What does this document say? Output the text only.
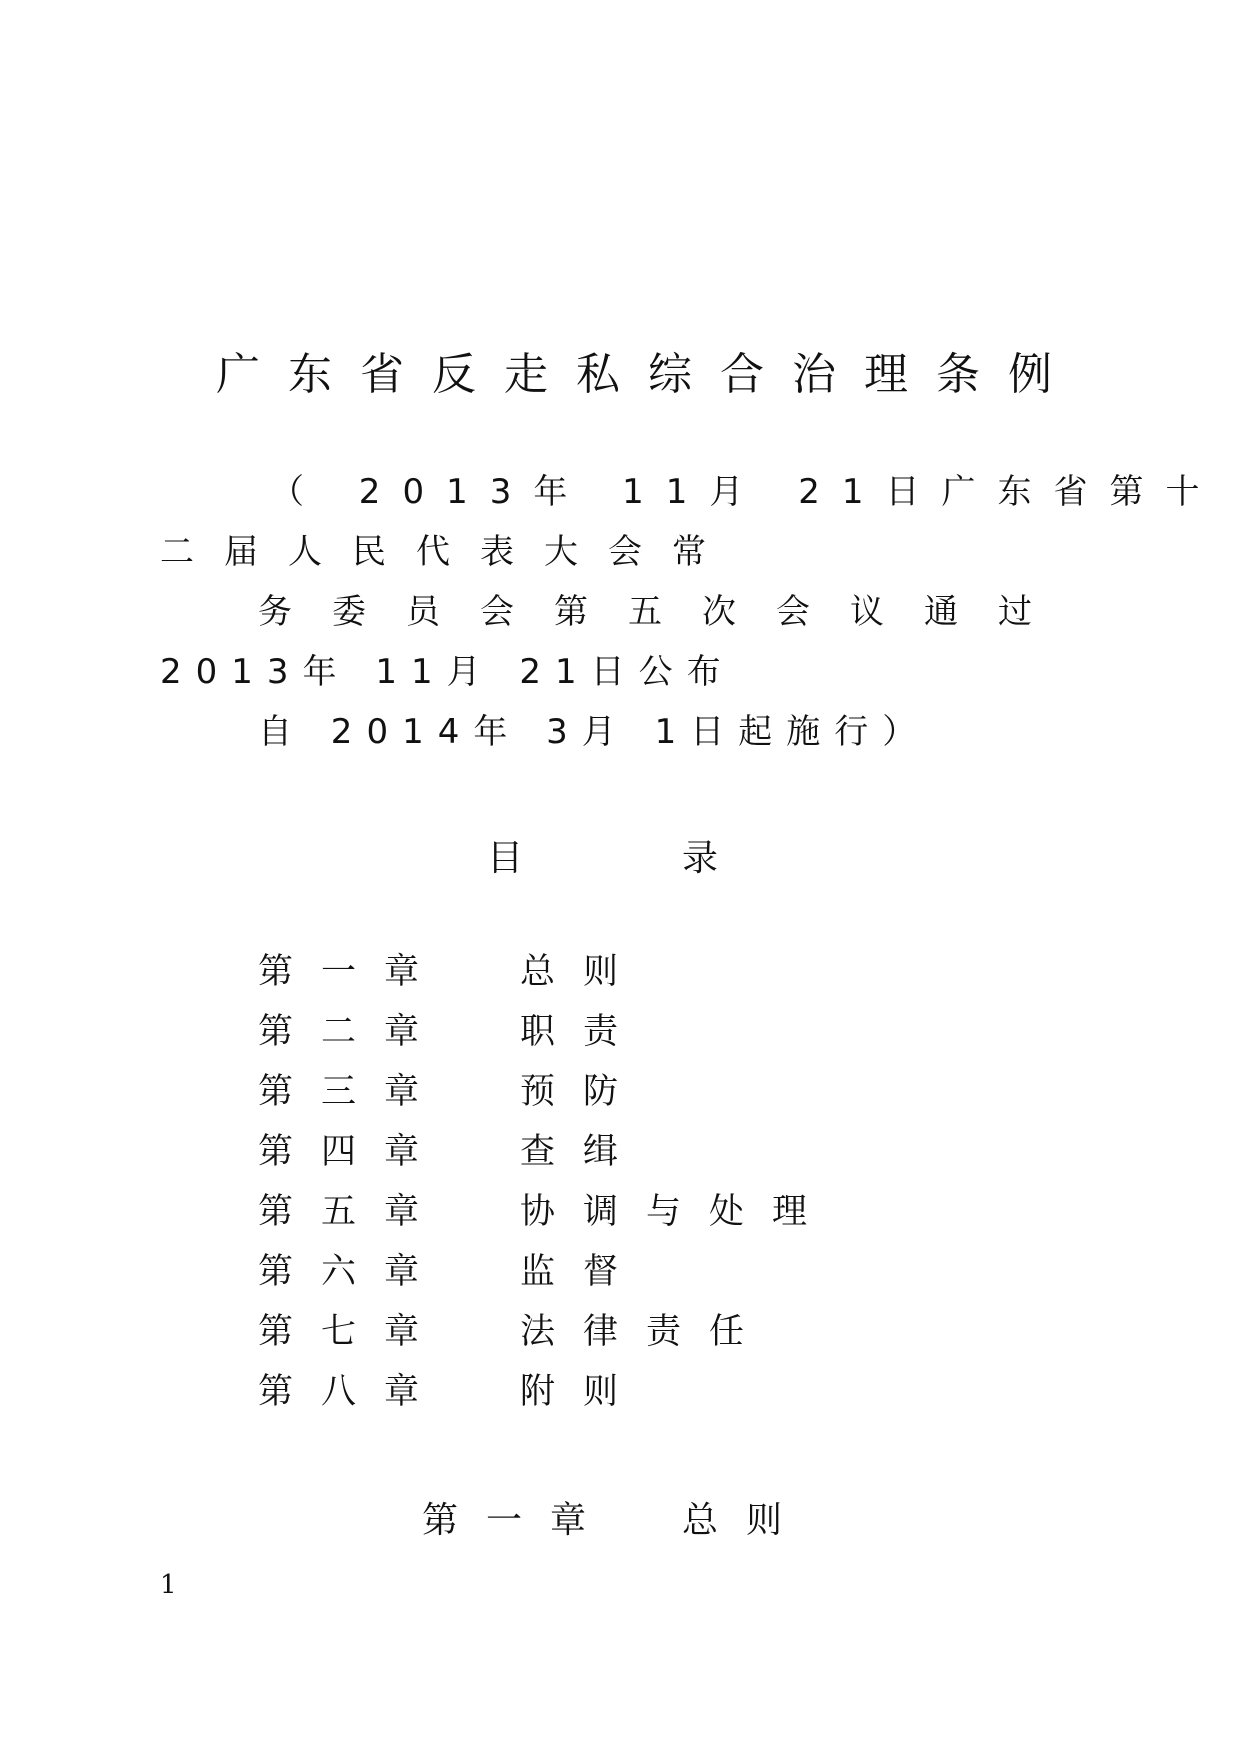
广东省反走私综合治理条例
（ 2013年 11月 21日广东省第十
二届人民代表大会常
务委员会第五次会议通过
2013年 11月 21日公布
自 2014年 3月 1日起施行）
目	录
第一章 总则
第二章 职责
第三章 预防
第四章 查缉
第五章 协调与处理
第六章 监督
第七章 法律责任
第八章 附则
第一章 总则
1
